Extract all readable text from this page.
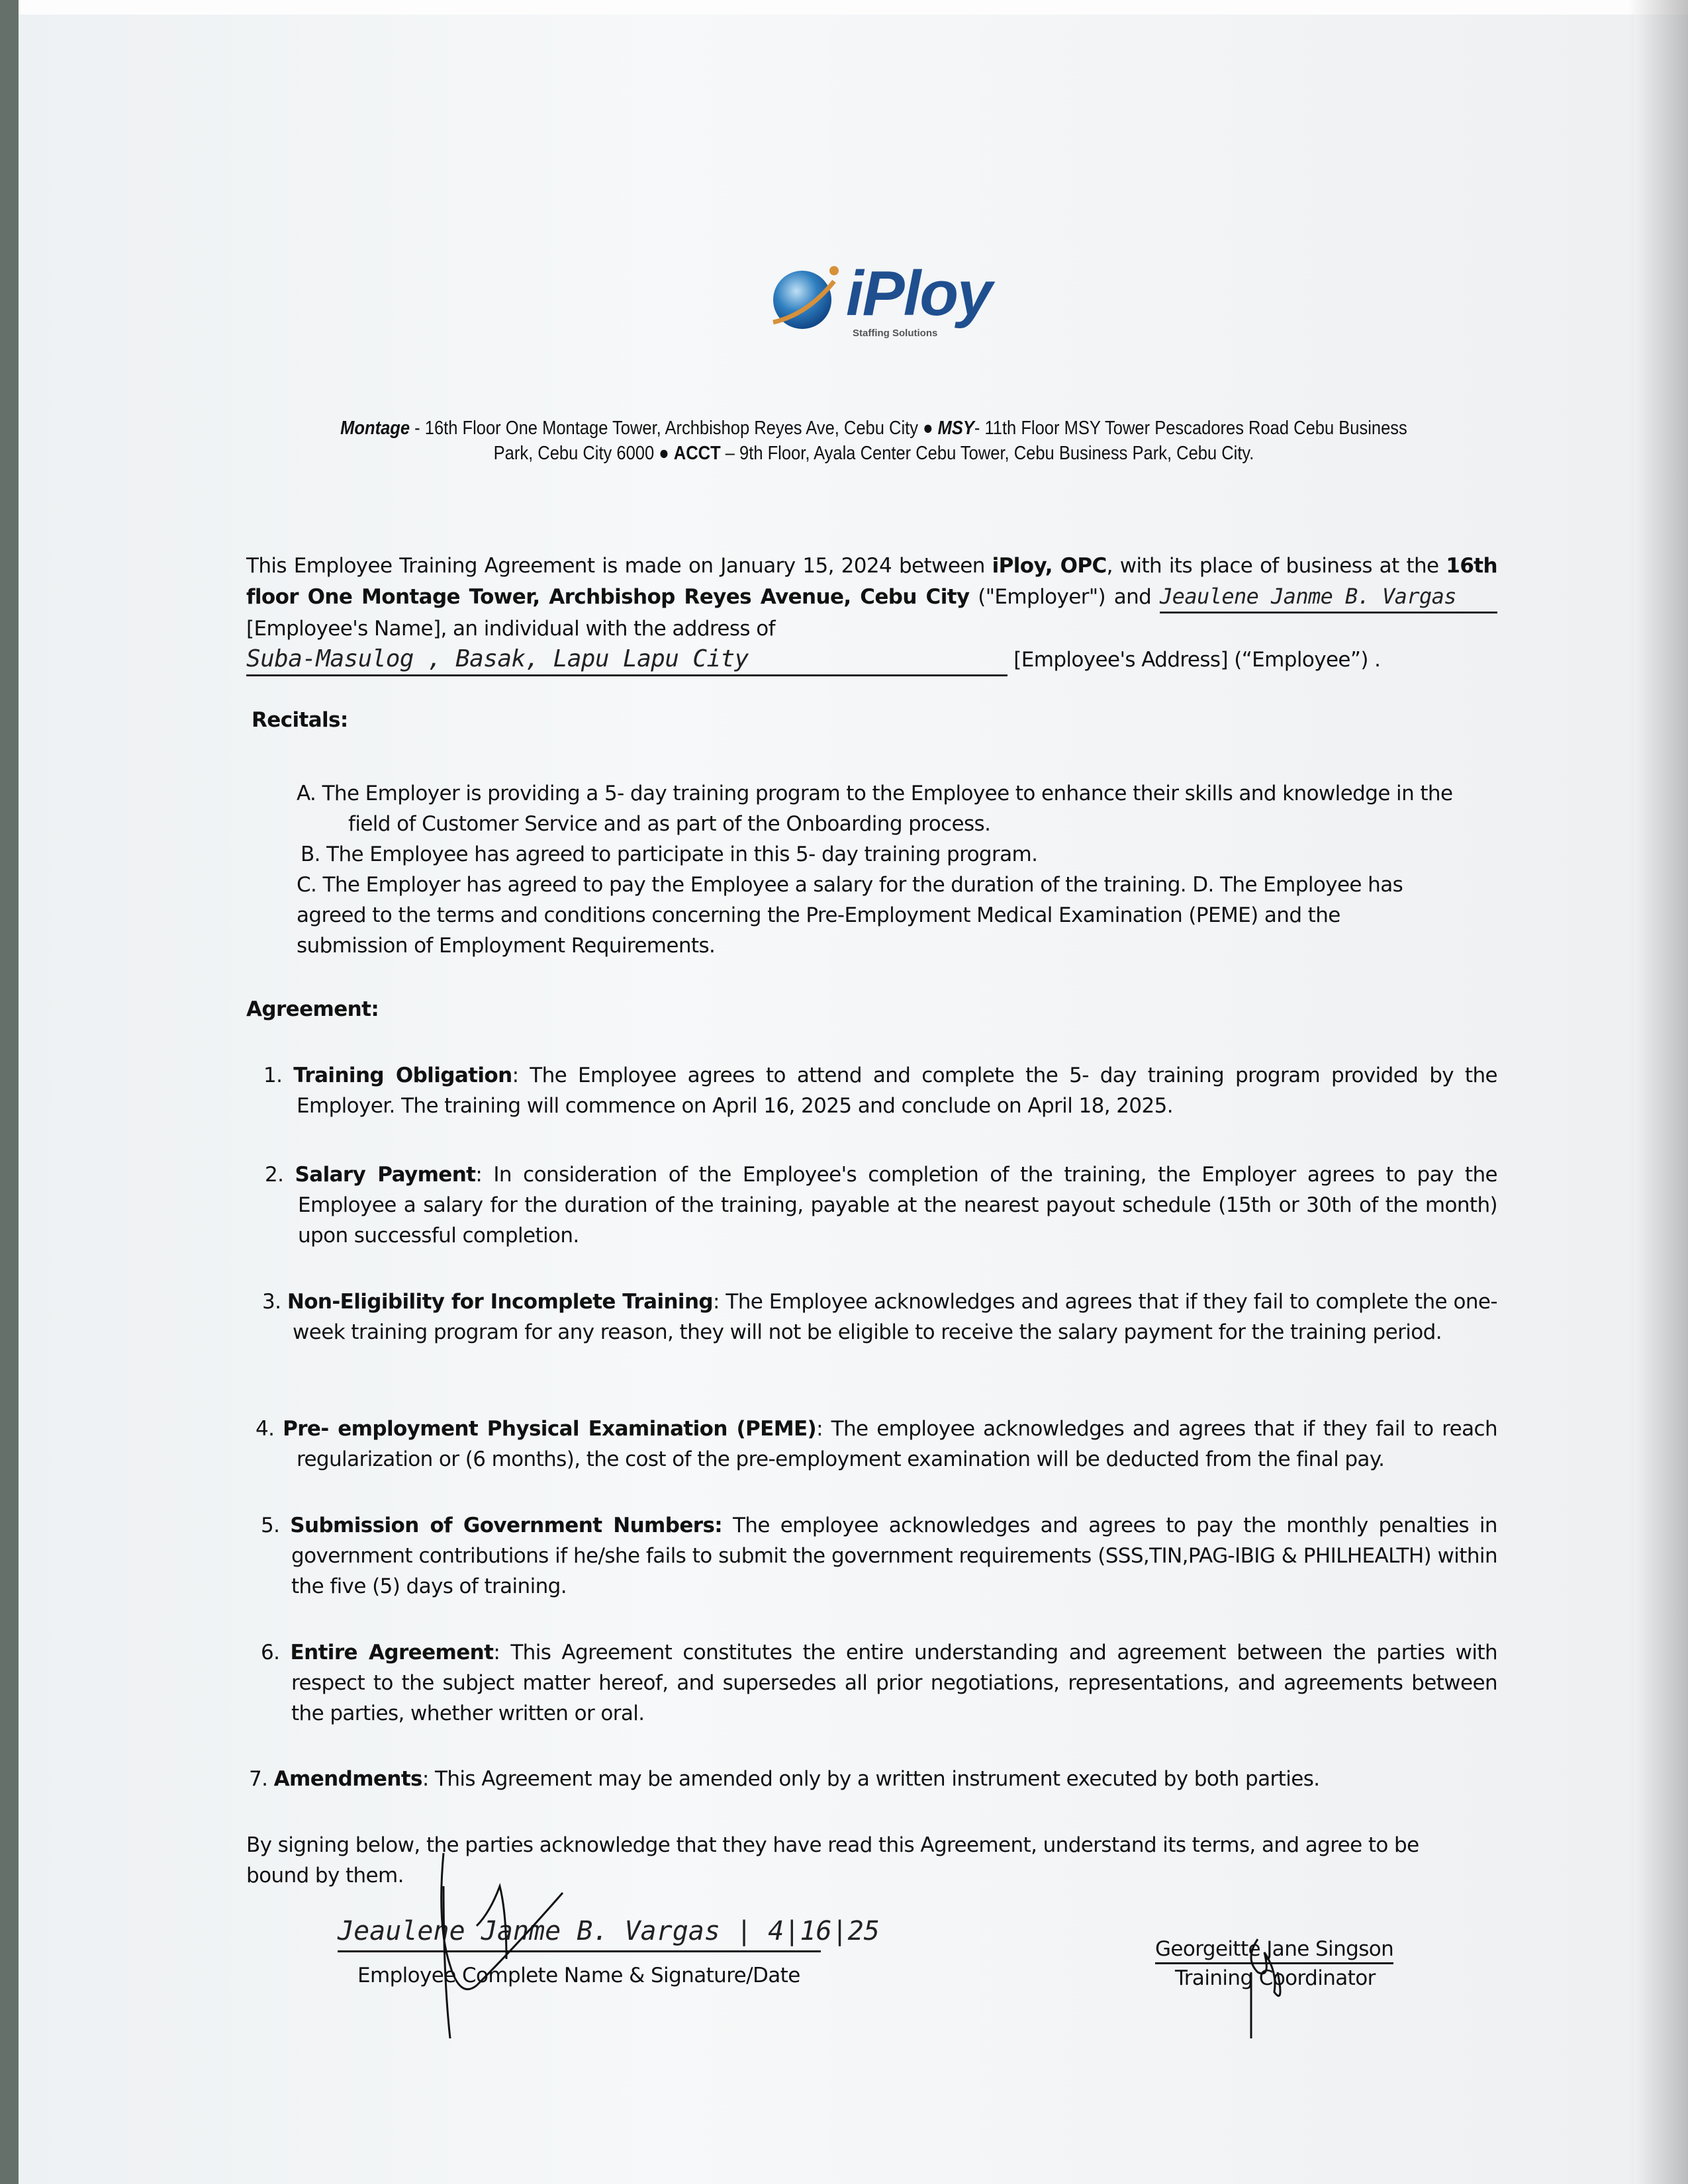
iPloy
Staffing Solutions
Montage - 16th Floor One Montage Tower, Archbishop Reyes Ave, Cebu City ● MSY- 11th Floor MSY Tower Pescadores Road Cebu Business Park, Cebu City 6000 ● ACCT – 9th Floor, Ayala Center Cebu Tower, Cebu Business Park, Cebu City.
This Employee Training Agreement is made on January 15, 2024 between iPloy, OPC, with its place of business at the 16th floor One Montage Tower, Archbishop Reyes Avenue, Cebu City ("Employer") and Jeaulene Janme B. Vargas [Employee's Name], an individual with the address of
Suba-Masulog , Basak, Lapu Lapu City	[Employee's Address] (“Employee”) .
Recitals:
A. The Employer is providing a 5- day training program to the Employee to enhance their skills and knowledge in the field of Customer Service and as part of the Onboarding process.
B. The Employee has agreed to participate in this 5- day training program.
C. The Employer has agreed to pay the Employee a salary for the duration of the training. D. The Employee has agreed to the terms and conditions concerning the Pre-Employment Medical Examination (PEME) and the submission of Employment Requirements.
Agreement:
1. Training Obligation: The Employee agrees to attend and complete the 5- day training program provided by the Employer. The training will commence on April 16, 2025 and conclude on April 18, 2025.
2. Salary Payment: In consideration of the Employee's completion of the training, the Employer agrees to pay the Employee a salary for the duration of the training, payable at the nearest payout schedule (15th or 30th of the month) upon successful completion.
3. Non-Eligibility for Incomplete Training: The Employee acknowledges and agrees that if they fail to complete the one-week training program for any reason, they will not be eligible to receive the salary payment for the training period.
4. Pre- employment Physical Examination (PEME): The employee acknowledges and agrees that if they fail to reach regularization or (6 months), the cost of the pre-employment examination will be deducted from the final pay.
5. Submission of Government Numbers: The employee acknowledges and agrees to pay the monthly penalties in government contributions if he/she fails to submit the government requirements (SSS,TIN,PAG-IBIG & PHILHEALTH) within the five (5) days of training.
6. Entire Agreement: This Agreement constitutes the entire understanding and agreement between the parties with respect to the subject matter hereof, and supersedes all prior negotiations, representations, and agreements between the parties, whether written or oral.
7. Amendments: This Agreement may be amended only by a written instrument executed by both parties.
By signing below, the parties acknowledge that they have read this Agreement, understand its terms, and agree to be bound by them.
Jeaulene Janme B. Vargas | 4|16|25
Employee Complete Name & Signature/Date
Georgeitte Jane Singson
Training Coordinator
